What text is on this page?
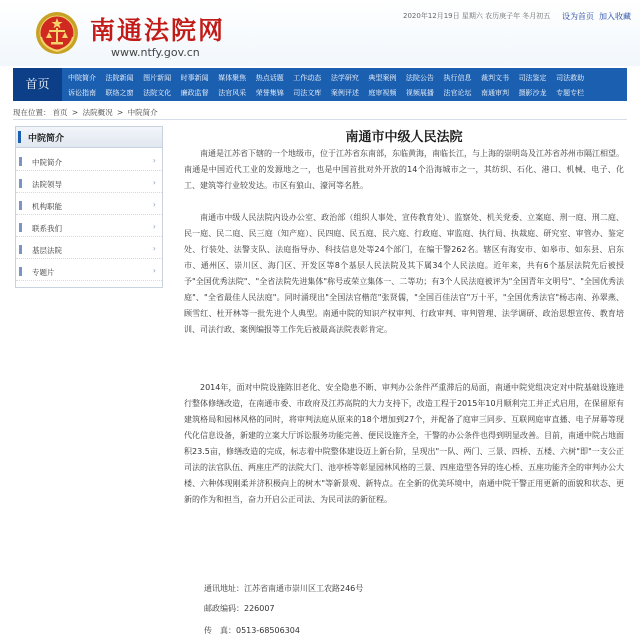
南通法院网
www.ntfy.gov.cn
2020年12月19日 星期六 农历庚子年 冬月初五 设为首页 加入收藏
首页	中院简介 法院新闻 图片新闻 时事新闻 媒体聚焦 热点话题 工作动态 法学研究 典型案例 法院公告 执行信息 裁判文书 司法鉴定 司法救助
诉讼指南 联络之窗 法院文化 廉政监督 法官风采 荣誉集锦 司法文库 案例评述 庭审视频 视频展播 法官论坛 南通审判 摄影沙龙 专题专栏
现在位置： 首页 > 法院概况 > 中院简介
中院简介
中院简介	›
法院领导	›
机构职能	›
联系我们	›
基层法院	›
专题片	›
南通市中级人民法院
南通是江苏省下辖的一个地级市，位于江苏省东南部，东临黄海，南临长江，与上海的崇明岛及江苏省苏州市隔江相望。南通是中国近代工业的发源地之一，也是中国首批对外开放的14个沿海城市之一，其纺织、石化、港口、机械、电子、化工、建筑等行业较发达。市区有狼山、濠河等名胜。
南通市中级人民法院内设办公室、政治部（组织人事处、宣传教育处）、监察处、机关党委、立案庭、刑一庭、刑二庭、民一庭、民二庭、民三庭（知产庭）、民四庭、民五庭、民六庭、行政庭、审监庭、执行局、执裁庭、研究室、审管办、鉴定处、行装处、法警支队、法庭指导办、科技信息处等24个部门，在编干警262名。辖区有海安市、如皋市、如东县、启东市、通州区、崇川区、海门区、开发区等8个基层人民法院及其下属34个人民法庭。近年来，共有6个基层法院先后被授予"全国优秀法院"、"全省法院先进集体"称号或荣立集体一、二等功；有3个人民法庭被评为"全国青年文明号"、"全国优秀法庭"、"全省最佳人民法庭"。同时涌现出"全国法官楷范"张贤儒，"全国百佳法官"万十平，"全国优秀法官"杨志南、孙翠燕、顾雪红、杜开林等一批先进个人典型。南通中院的知识产权审判、行政审判、审判管理、法学调研、政治思想宣传、教育培训、司法行政、案例编报等工作先后被最高法院表彰肯定。
2014年，面对中院设施陈旧老化、安全隐患不断、审判办公条件严重滞后的局面，南通中院党组决定对中院基础设施进行整体修缮改造，在南通市委、市政府及江苏高院的大力支持下，改造工程于2015年10月顺利完工并正式启用，在保留原有建筑格局和园林风格的同时，将审判法庭从原来的18个增加到27个，并配备了庭审三同步、互联网庭审直播、电子屏幕等现代化信息设备，新建的立案大厅诉讼服务功能完善、便民设施齐全，干警的办公条件也得到明显改善。目前，南通中院占地面积23.5亩，修缮改造的完成，标志着中院整体建设迈上新台阶，呈现出"一队、两门、三景、四桥、五楼、六树"即"一支公正司法的法官队伍、两座庄严的法院大门、池亭桥等彰显园林风格的三景、四座造型各异的连心桥、五座功能齐全的审判办公大楼、六种体现刚柔并济积极向上的树木"等新景观、新特点。在全新的优美环境中，南通中院干警正用更新的面貌和状态、更新的作为和担当，奋力开启公正司法、为民司法的新征程。
通讯地址：江苏省南通市崇川区工农路246号
邮政编码：226007
传　真：0513-68506304
